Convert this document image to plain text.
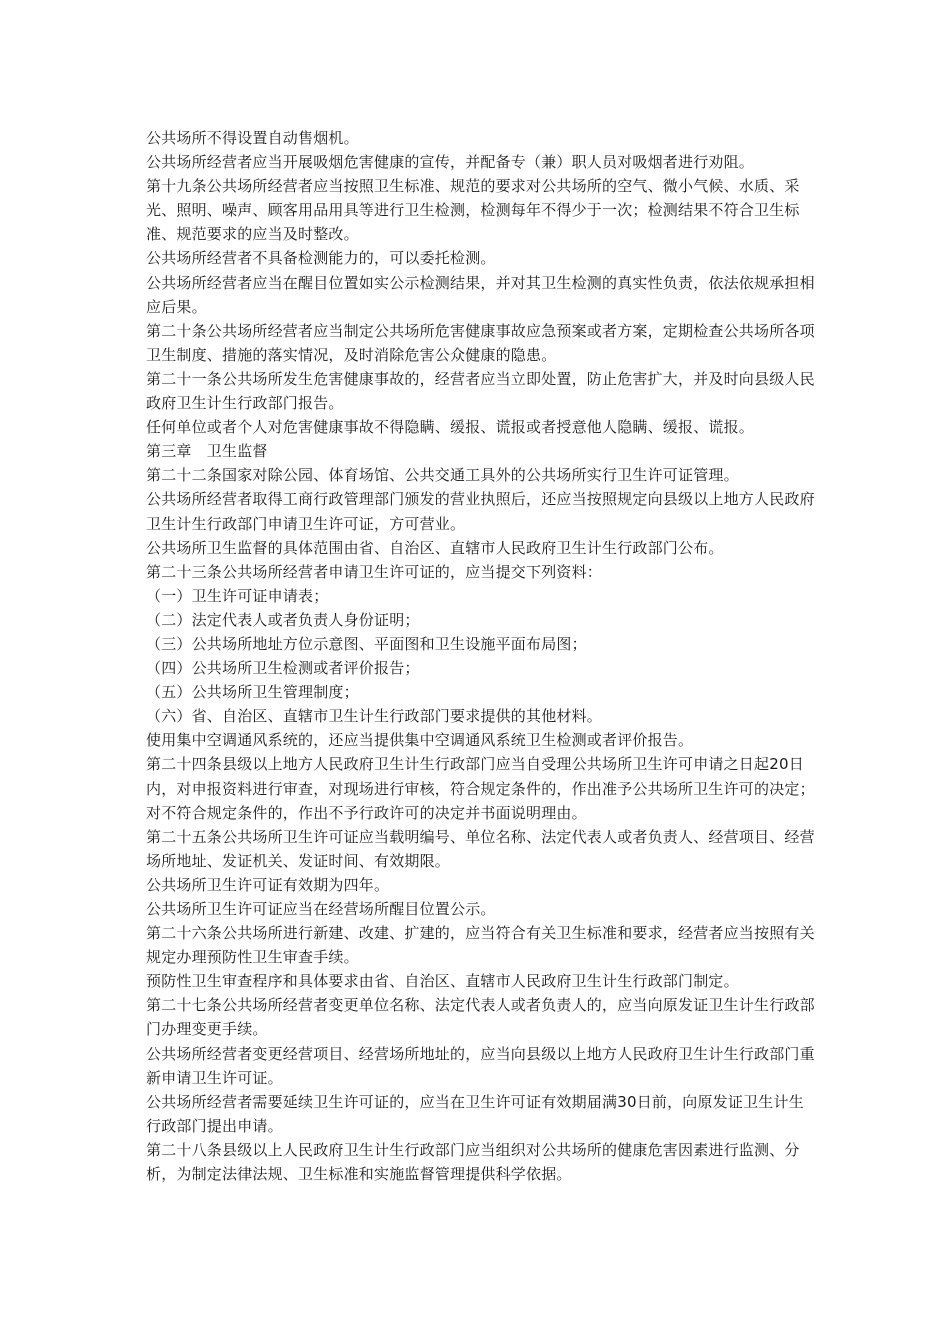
公共场所不得设置自动售烟机。

公共场所经营者应当开展吸烟危害健康的宣传，并配备专（兼）职人员对吸烟者进行劝阻。

第十九条公共场所经营者应当按照卫生标准、规范的要求对公共场所的空气、微小气候、水质、采光、照明、噪声、顾客用品用具等进行卫生检测，检测每年不得少于一次；检测结果不符合卫生标准、规范要求的应当及时整改。

公共场所经营者不具备检测能力的，可以委托检测。

公共场所经营者应当在醒目位置如实公示检测结果，并对其卫生检测的真实性负责，依法依规承担相应后果。

第二十条公共场所经营者应当制定公共场所危害健康事故应急预案或者方案，定期检查公共场所各项卫生制度、措施的落实情况，及时消除危害公众健康的隐患。

第二十一条公共场所发生危害健康事故的，经营者应当立即处置，防止危害扩大，并及时向县级人民政府卫生计生行政部门报告。

任何单位或者个人对危害健康事故不得隐瞒、缓报、谎报或者授意他人隐瞒、缓报、谎报。

第三章　卫生监督

第二十二条国家对除公园、体育场馆、公共交通工具外的公共场所实行卫生许可证管理。

公共场所经营者取得工商行政管理部门颁发的营业执照后，还应当按照规定向县级以上地方人民政府卫生计生行政部门申请卫生许可证，方可营业。

公共场所卫生监督的具体范围由省、自治区、直辖市人民政府卫生计生行政部门公布。

第二十三条公共场所经营者申请卫生许可证的，应当提交下列资料：

（一）卫生许可证申请表；

（二）法定代表人或者负责人身份证明；

（三）公共场所地址方位示意图、平面图和卫生设施平面布局图；

（四）公共场所卫生检测或者评价报告；

（五）公共场所卫生管理制度；

（六）省、自治区、直辖市卫生计生行政部门要求提供的其他材料。

使用集中空调通风系统的，还应当提供集中空调通风系统卫生检测或者评价报告。

第二十四条县级以上地方人民政府卫生计生行政部门应当自受理公共场所卫生许可申请之日起20日内，对申报资料进行审查，对现场进行审核，符合规定条件的，作出准予公共场所卫生许可的决定；对不符合规定条件的，作出不予行政许可的决定并书面说明理由。

第二十五条公共场所卫生许可证应当载明编号、单位名称、法定代表人或者负责人、经营项目、经营场所地址、发证机关、发证时间、有效期限。

公共场所卫生许可证有效期为四年。

公共场所卫生许可证应当在经营场所醒目位置公示。

第二十六条公共场所进行新建、改建、扩建的，应当符合有关卫生标准和要求，经营者应当按照有关规定办理预防性卫生审查手续。

预防性卫生审查程序和具体要求由省、自治区、直辖市人民政府卫生计生行政部门制定。

第二十七条公共场所经营者变更单位名称、法定代表人或者负责人的，应当向原发证卫生计生行政部门办理变更手续。

公共场所经营者变更经营项目、经营场所地址的，应当向县级以上地方人民政府卫生计生行政部门重新申请卫生许可证。

公共场所经营者需要延续卫生许可证的，应当在卫生许可证有效期届满30日前，向原发证卫生计生行政部门提出申请。

第二十八条县级以上人民政府卫生计生行政部门应当组织对公共场所的健康危害因素进行监测、分析，为制定法律法规、卫生标准和实施监督管理提供科学依据。
